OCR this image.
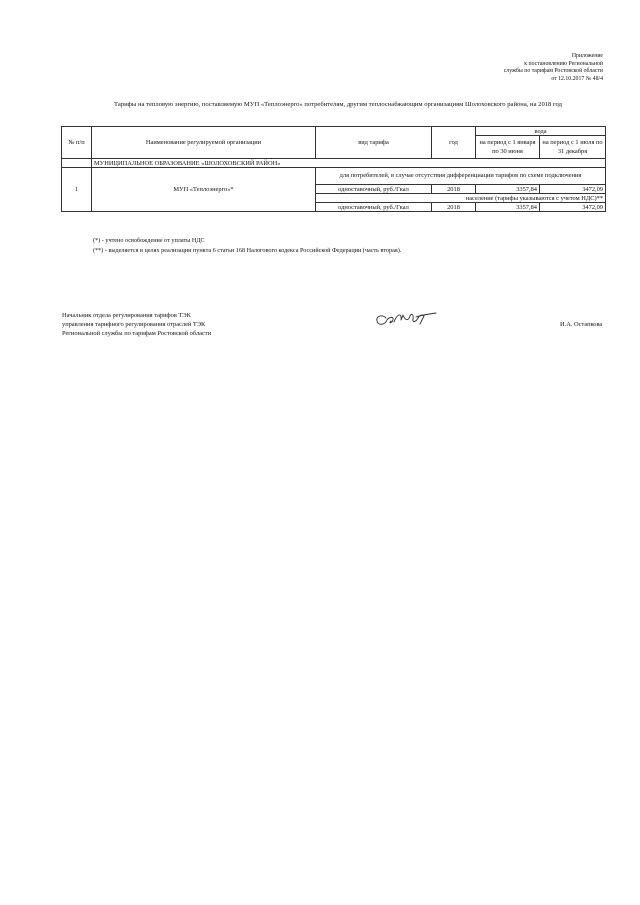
Приложение
к постановлению Региональной
службы по тарифам Ростовской области
от 12.10.2017 № 48/4
Тарифы на тепловую энергию, поставляемую МУП «Теплоэнерго» потребителям, другим теплоснабжающим организациям Шолоховского района, на 2018 год
№ п/п	Наименование регулируемой организации	вид тарифа	год	вода	
				на период с 1 января по 30 июня	на период с 1 июля по 31 декабря
	МУНИЦИПАЛЬНОЕ ОБРАЗОВАНИЕ «ШОЛОХОВСКИЙ РАЙОН»				
1	МУП «Теплоэнерго»*	для потребителей, в случае отсутствия дифференциации тарифов по схеме подключения			
		одноставочный, руб./Гкал	2018	3357,84	3472,09
		население (тарифы указываются с учетом НДС)**			
		одноставочный, руб./Гкал	2018	3357,84	3472,09
(*) - учтено освобождение от уплаты НДС
(**) - выделяется в целях реализации пункта 6 статьи 168 Налогового кодекса Российской Федерации (часть вторая).
Начальник отдела регулирования тарифов ТЭК
управления тарифного регулирования отраслей ТЭК
Региональной службы по тарифам Ростовской области
И.А. Остапкова
